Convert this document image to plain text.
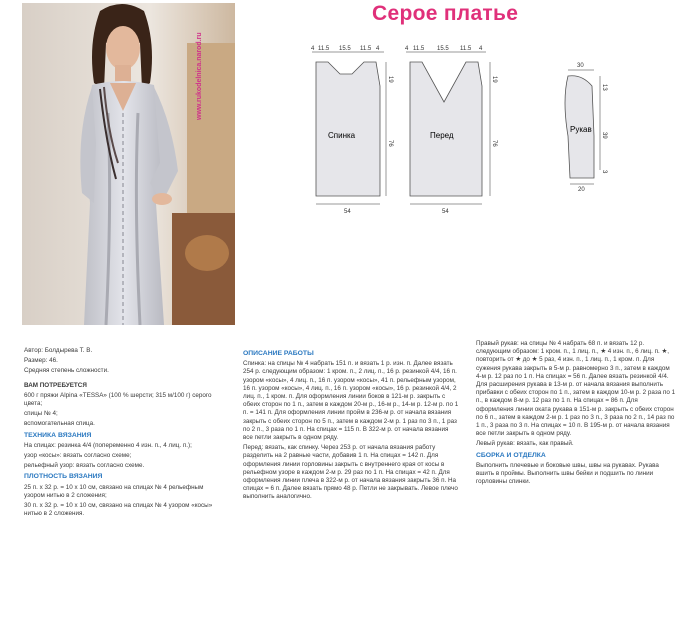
Серое платье
www.rukodelnica.narod.ru	4 11.5 15.5 11.5 4
19
76
54
Спинка
4 11.5 15.5 11.5 4
19
76
54
Перед
30
13
39
3
20
Рукав

Автор: Болдырева Т. В.

Размер: 46.

Средняя степень сложности.

ВАМ ПОТРЕБУЕТСЯ

600 г пряжи Alpina «TESSA» (100 % шерсти; 315 м/100 г) серого цвета;

спицы № 4;

вспомогательная спица.

ТЕХНИКА ВЯЗАНИЯ

На спицах: резинка 4/4 (попеременно 4 изн. п., 4 лиц. п.);

узор «косы»: вязать согласно схеме;

рельефный узор: вязать согласно схеме.

ПЛОТНОСТЬ ВЯЗАНИЯ

25 п. х 32 р. = 10 х 10 см, связано на спицах № 4 рельефным узором нитью в 2 сложения;

30 п. х 32 р. = 10 х 10 см, связано на спицах № 4 узором «косы» нитью в 2 сложения.

ОПИСАНИЕ РАБОТЫ

Спинка: на спицы № 4 набрать 151 п. и вязать 1 р. изн. п. Далее вязать 254 р. следующим образом: 1 кром. п., 2 лиц. п., 16 р. резинкой 4/4, 16 п. узором «косы», 4 лиц. п., 16 п. узором «косы», 41 п. рельефным узором, 16 п. узором «косы», 4 лиц. п., 16 п. узором «косы», 16 р. резинкой 4/4, 2 лиц. п., 1 кром. п. Для оформления линии боков в 121-м р. закрыть с обеих сторон по 1 п., затем в каждом 20-м р., 16-м р., 14-м р. 12-м р. по 1 п. = 141 п. Для оформления линии пройм в 236-м р. от начала вязания закрыть с обеих сторон по 5 п., затем в каждом 2-м р. 1 раз по 3 п., 1 раз по 2 п., 3 раза по 1 п. На спицах = 115 п. В 322-м р. от начала вязания все петли закрыть в одном ряду.

Перед: вязать, как спинку. Через 253 р. от начала вязания работу разделить на 2 равные части, добавив 1 п. На спицах = 142 п. Для оформления линии горловины закрыть с внутреннего края от косы в рельефном узоре в каждом 2-м р. 29 раз по 1 п. На спицах = 42 п. Для оформления линии плеча в 322-м р. от начала вязания закрыть 36 п. На спицах = 6 п. Далее вязать прямо 48 р. Петли не закрывать. Левое плечо выполнить аналогично.

Правый рукав: на спицы № 4 набрать 68 п. и вязать 12 р. следующим образом: 1 кром. п., 1 лиц. п., ★ 4 изн. п., 6 лиц. п. ★, повторить от ★ до ★ 5 раз, 4 изн. п., 1 лиц. п., 1 кром. п. Для сужения рукава закрыть в 5-м р. равномерно 3 п., затем в каждом 4-м р. 12 раз по 1 п. На спицах = 56 п. Далее вязать резинкой 4/4. Для расширения рукава в 13-м р. от начала вязания выполнить прибавки с обеих сторон по 1 п., затем в каждом 10-м р. 2 раза по 1 п., в каждом 8-м р. 12 раз по 1 п. На спицах = 86 п. Для оформления линии оката рукава в 151-м р. закрыть с обеих сторон по 6 п., затем в каждом 2-м р. 1 раз по 3 п., 3 раза по 2 п., 14 раз по 1 п., 3 раза по 3 п. На спицах = 10 п. В 195-м р. от начала вязания все петли закрыть в одном ряду.

Левый рукав: вязать, как правый.

СБОРКА И ОТДЕЛКА

Выполнить плечевые и боковые швы, швы на рукавах. Рукава вшить в проймы. Выполнить швы бейки и подшить по линии горловины спинки.
